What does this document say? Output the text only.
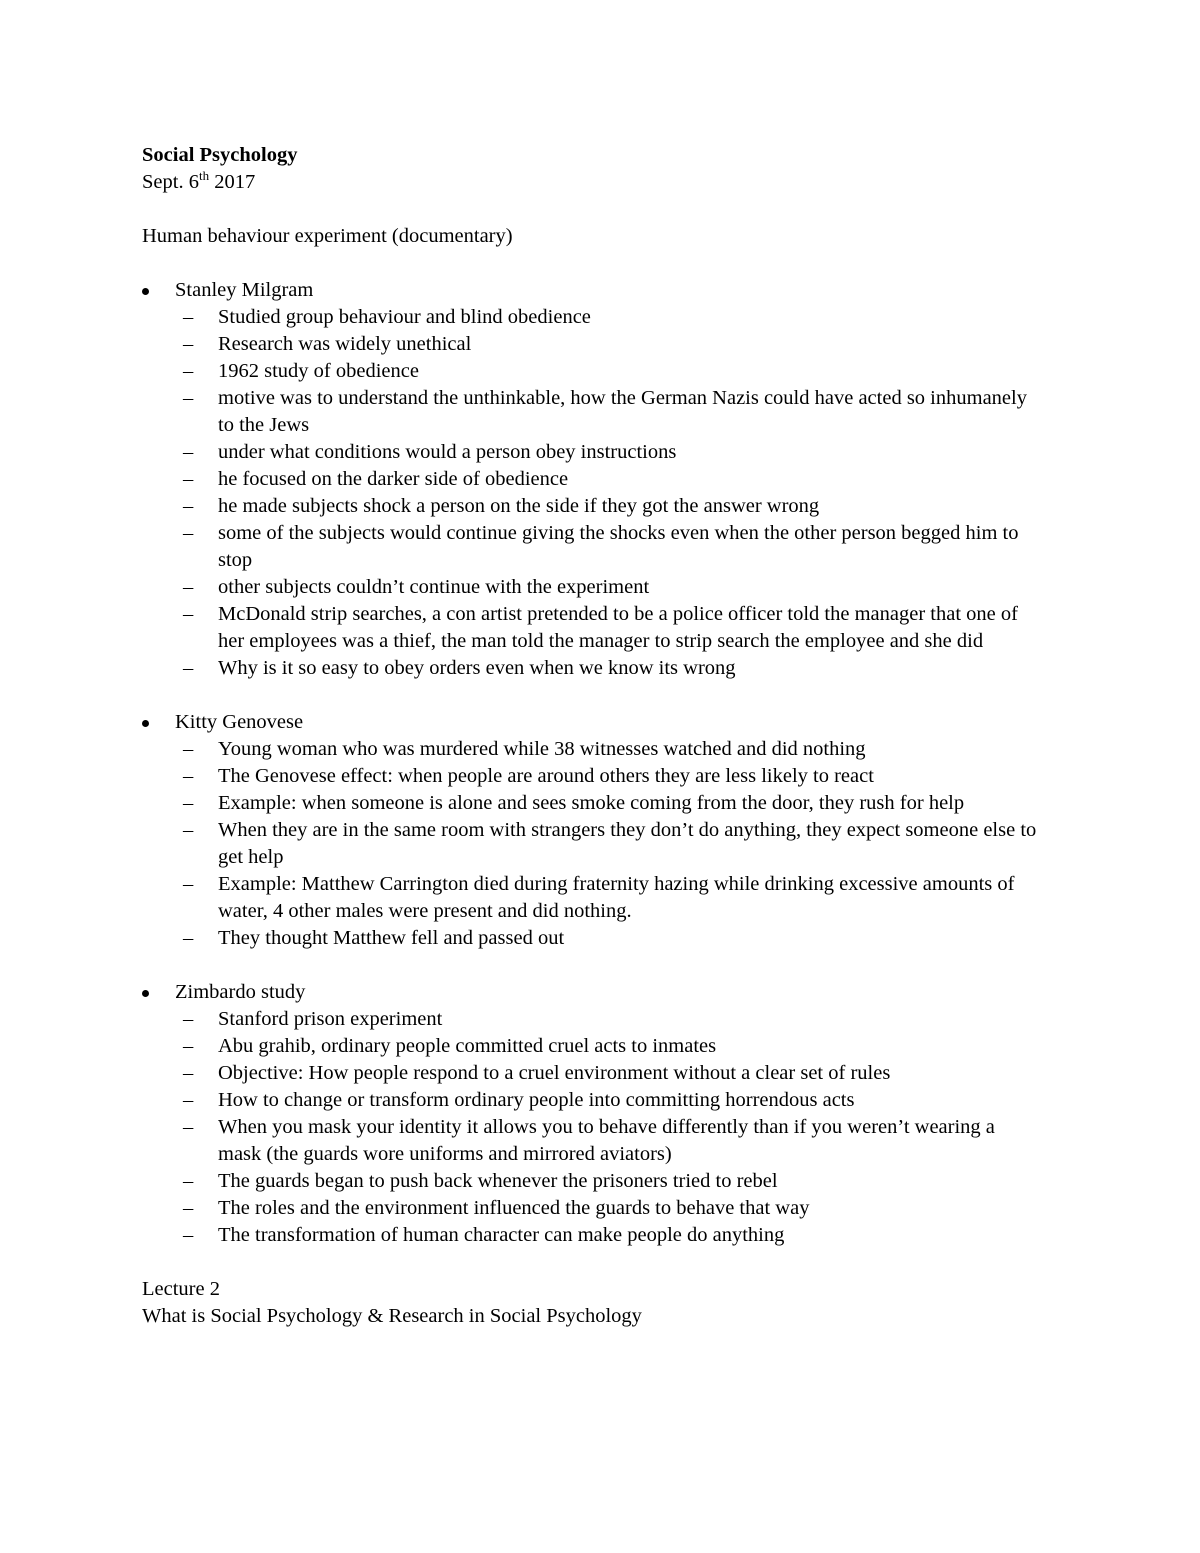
Social Psychology

Sept. 6th 2017

Human behaviour experiment (documentary)

Stanley Milgram
– Studied group behaviour and blind obedience
– Research was widely unethical
– 1962 study of obedience
– motive was to understand the unthinkable, how the German Nazis could have acted so inhumanely to the Jews
– under what conditions would a person obey instructions
– he focused on the darker side of obedience
– he made subjects shock a person on the side if they got the answer wrong
– some of the subjects would continue giving the shocks even when the other person begged him to stop
– other subjects couldn’t continue with the experiment
– McDonald strip searches, a con artist pretended to be a police officer told the manager that one of her employees was a thief, the man told the manager to strip search the employee and she did
– Why is it so easy to obey orders even when we know its wrong
Kitty Genovese
– Young woman who was murdered while 38 witnesses watched and did nothing
– The Genovese effect: when people are around others they are less likely to react
– Example: when someone is alone and sees smoke coming from the door, they rush for help
– When they are in the same room with strangers they don’t do anything, they expect someone else to get help
– Example: Matthew Carrington died during fraternity hazing while drinking excessive amounts of water, 4 other males were present and did nothing.
– They thought Matthew fell and passed out
Zimbardo study
– Stanford prison experiment
– Abu grahib, ordinary people committed cruel acts to inmates
– Objective: How people respond to a cruel environment without a clear set of rules
– How to change or transform ordinary people into committing horrendous acts
– When you mask your identity it allows you to behave differently than if you weren’t wearing a mask (the guards wore uniforms and mirrored aviators)
– The guards began to push back whenever the prisoners tried to rebel
– The roles and the environment influenced the guards to behave that way
– The transformation of human character can make people do anything

Lecture 2

What is Social Psychology & Research in Social Psychology
